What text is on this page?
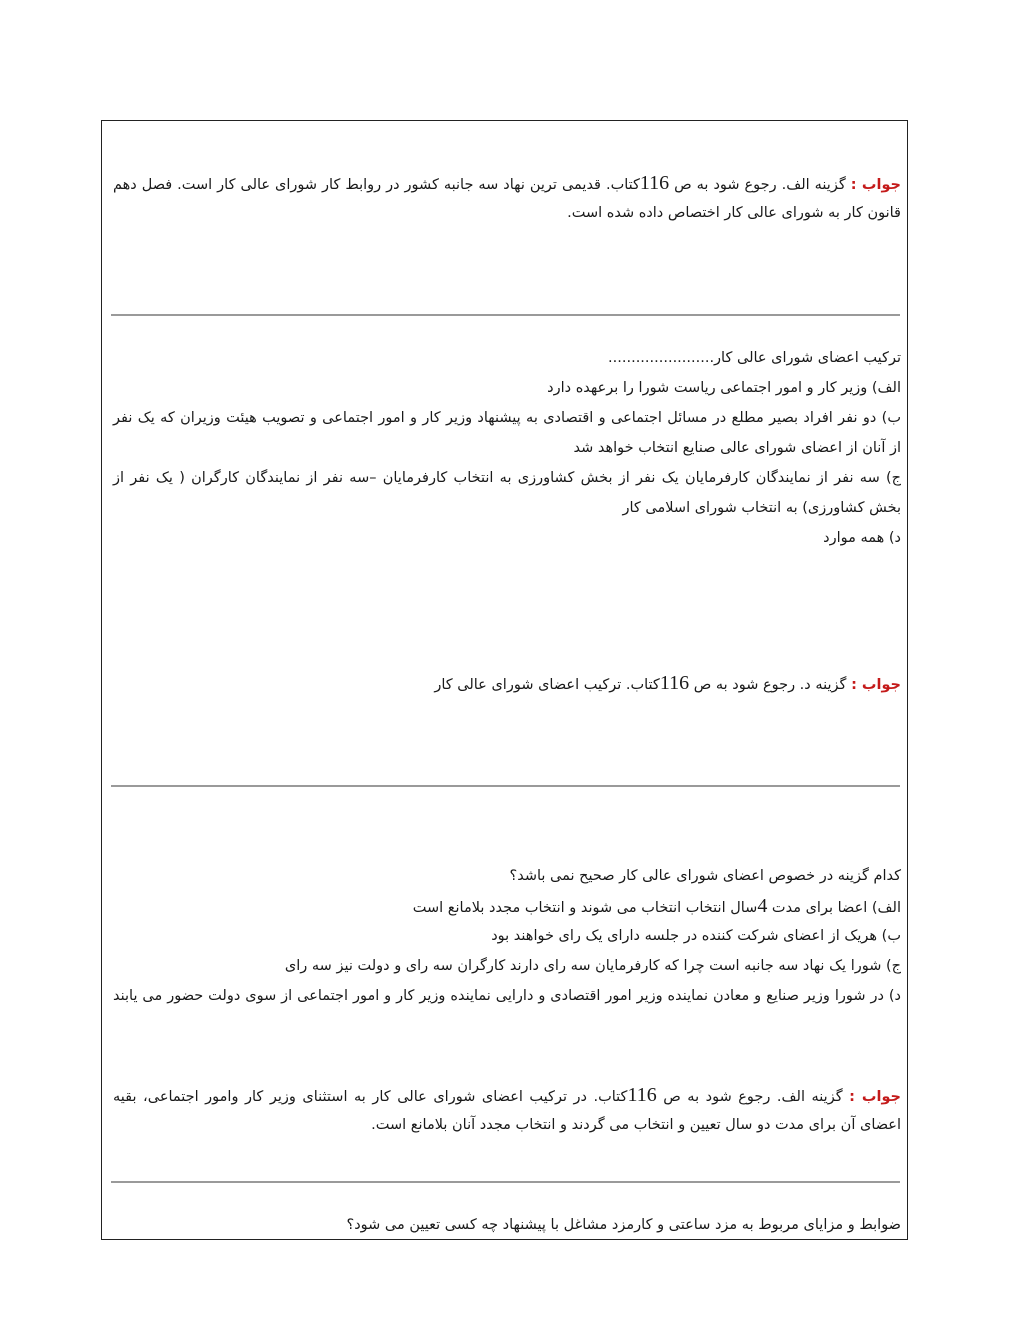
جواب : گزینه الف. رجوع شود به ص 116کتاب. قدیمی ترین نهاد سه جانبه کشور در روابط کار شورای عالی کار است. فصل دهم
قانون کار به شورای عالی کار اختصاص داده شده است.
ترکیب اعضای شورای عالی کار.......................
الف) وزیر کار و امور اجتماعی ریاست شورا را برعهده دارد
ب) دو نفر افراد بصیر مطلع در مسائل اجتماعی و اقتصادی به پیشنهاد وزیر کار و امور اجتماعی و تصویب هیئت وزیران که یک نفر
از آنان از اعضای شورای عالی صنایع انتخاب خواهد شد
ج) سه نفر از نمایندگان کارفرمایان یک نفر از بخش کشاورزی به انتخاب کارفرمایان –سه نفر از نمایندگان کارگران ( یک نفر از
بخش کشاورزی) به انتخاب شورای اسلامی کار
د) همه موارد
جواب : گزینه د. رجوع شود به ص 116کتاب. ترکیب اعضای شورای عالی کار
کدام گزینه در خصوص اعضای شورای عالی کار صحیح نمی باشد؟
الف) اعضا برای مدت 4سال انتخاب انتخاب می شوند و انتخاب مجدد بلامانع است
ب) هریک از اعضای شرکت کننده در جلسه دارای یک رای خواهند بود
ج) شورا یک نهاد سه جانبه است چرا که کارفرمایان سه رای دارند کارگران سه رای و دولت نیز سه رای
د) در شورا وزیر صنایع و معادن نماینده وزیر امور اقتصادی و دارایی نماینده وزیر کار و امور اجتماعی از سوی دولت حضور می یابند
جواب : گزینه الف. رجوع شود به ص 116کتاب. در ترکیب اعضای شورای عالی کار به استثنای وزیر کار وامور اجتماعی، بقیه
اعضای آن برای مدت دو سال تعیین و انتخاب می گردند و انتخاب مجدد آنان بلامانع است.
ضوابط و مزایای مربوط به مزد ساعتی و کارمزد مشاغل با پیشنهاد چه کسی تعیین می شود؟
